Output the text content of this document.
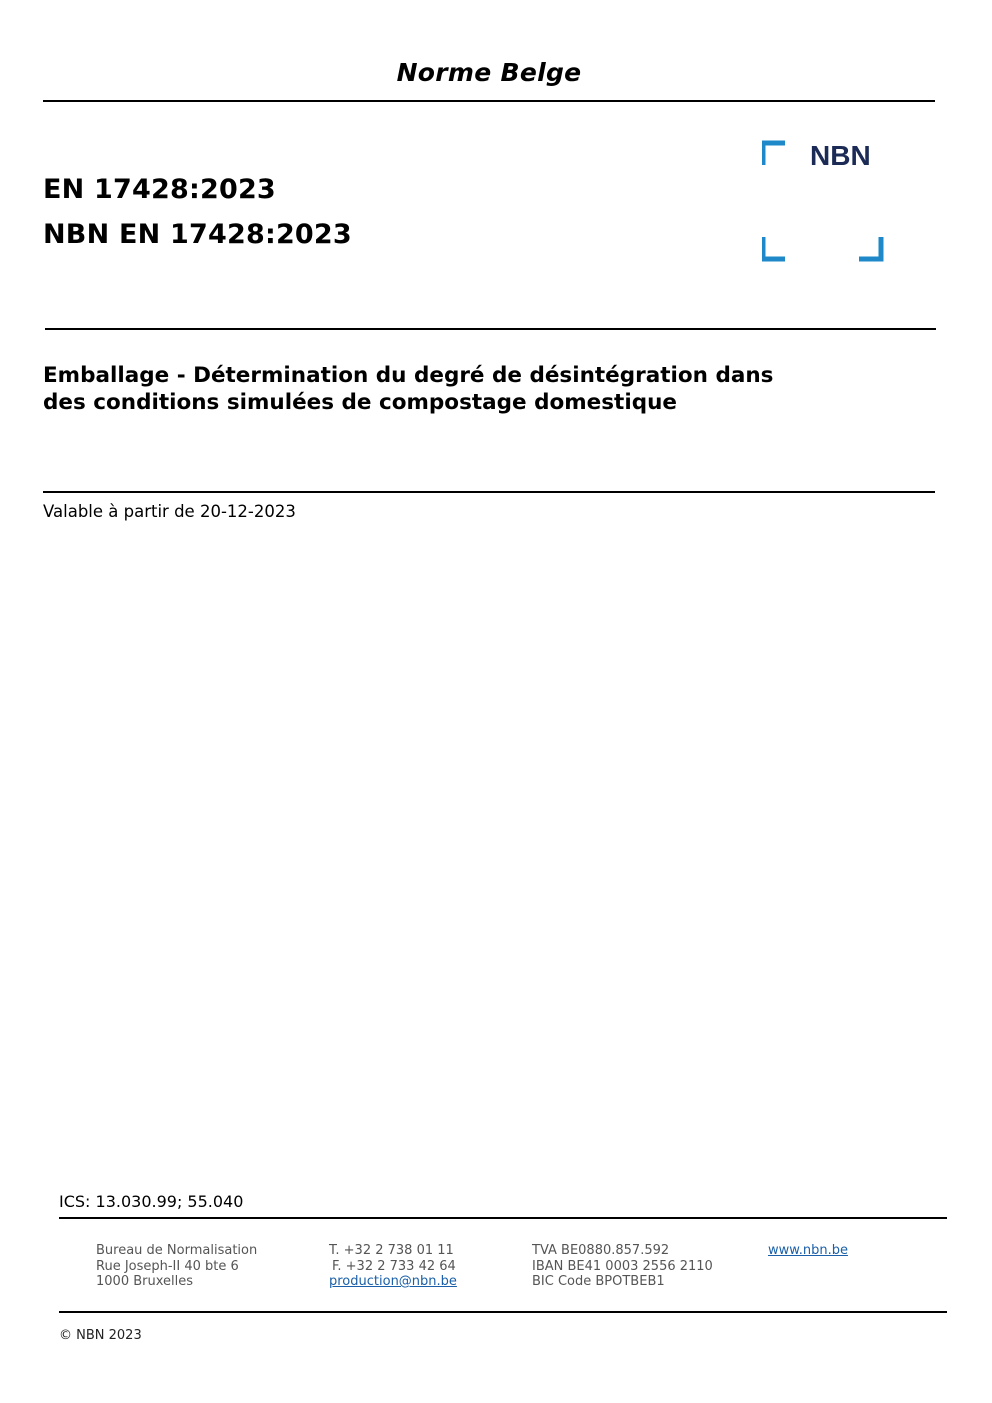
Norme Belge
EN 17428:2023
NBN EN 17428:2023
NBN
Emballage - Détermination du degré de désintégration dans
des conditions simulées de compostage domestique
Valable à partir de 20-12-2023
ICS: 13.030.99; 55.040
Bureau de Normalisation
Rue Joseph-II 40 bte 6
1000 Bruxelles
T. +32 2 738 01 11
F. +32 2 733 42 64
production@nbn.be
TVA BE0880.857.592
IBAN BE41 0003 2556 2110
BIC Code BPOTBEB1
www.nbn.be
© NBN 2023
